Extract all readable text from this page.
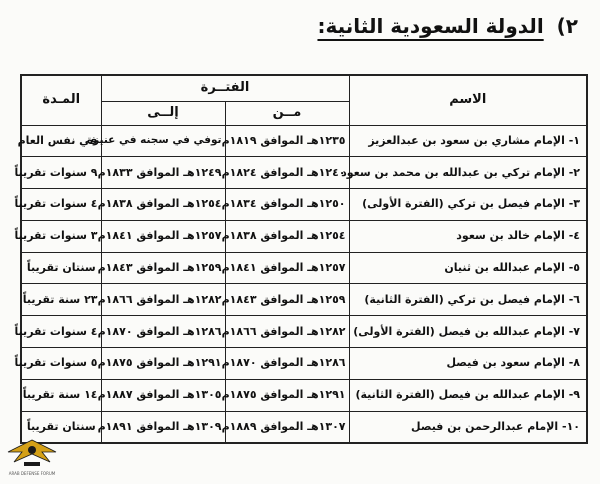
٢) الدولة السعودية الثانية:
الاسم	الفتــرة		المـدة
	مــن	إلــى	
١- الإمام مشاري بن سعود بن عبدالعزيز	١٢٣٥هـ الموافق ١٨١٩م	توفي في سجنه في عنيزة	في نفس العام
٢- الإمام تركي بن عبدالله بن محمد بن سعود	١٢٤٠هـ الموافق ١٨٢٤م	١٢٤٩هـ الموافق ١٨٣٣م	٩ سنوات تقريباً
٣- الإمام فيصل بن تركي (الفترة الأولى)	١٢٥٠هـ الموافق ١٨٣٤م	١٢٥٤هـ الموافق ١٨٣٨م	٤ سنوات تقريباً
٤- الإمام خالد بن سعود	١٢٥٤هـ الموافق ١٨٣٨م	١٢٥٧هـ الموافق ١٨٤١م	٣ سنوات تقريباً
٥- الإمام عبدالله بن ثنيان	١٢٥٧هـ الموافق ١٨٤١م	١٢٥٩هـ الموافق ١٨٤٣م	سنتان تقريباً
٦- الإمام فيصل بن تركي (الفترة الثانية)	١٢٥٩هـ الموافق ١٨٤٣م	١٢٨٢هـ الموافق ١٨٦٦م	٢٣ سنة تقريباً
٧- الإمام عبدالله بن فيصل (الفترة الأولى)	١٢٨٢هـ الموافق ١٨٦٦م	١٢٨٦هـ الموافق ١٨٧٠م	٤ سنوات تقريباً
٨- الإمام سعود بن فيصل	١٢٨٦هـ الموافق ١٨٧٠م	١٢٩١هـ الموافق ١٨٧٥م	٥ سنوات تقريباً
٩- الإمام عبدالله بن فيصل (الفترة الثانية)	١٢٩١هـ الموافق ١٨٧٥م	١٣٠٥هـ الموافق ١٨٨٧م	١٤ سنة تقريباً
١٠- الإمام عبدالرحمن بن فيصل	١٣٠٧هـ الموافق ١٨٨٩م	١٣٠٩هـ الموافق ١٨٩١م	سنتان تقريباً
ARAB DEFENSE FORUM
